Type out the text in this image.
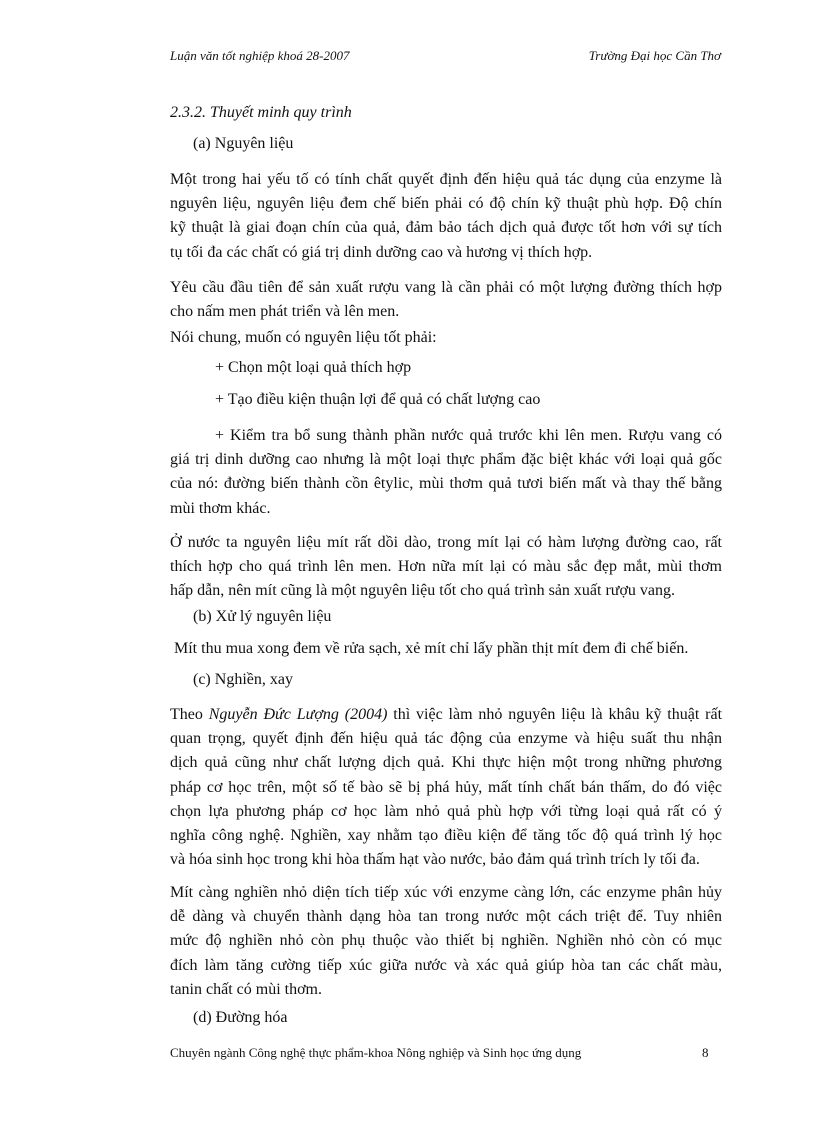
Luận văn tốt nghiệp khoá 28-2007	Trường Đại học Cần Thơ
2.3.2. Thuyết minh quy trình
(a) Nguyên liệu
Một trong hai yếu tố có tính chất quyết định đến hiệu quả tác dụng của enzyme là
nguyên liệu, nguyên liệu đem chế biến phải có độ chín kỹ thuật phù hợp. Độ chín
kỹ thuật là giai đoạn chín của quả, đảm bảo tách dịch quả được tốt hơn với sự tích
tụ tối đa các chất có giá trị dinh dưỡng cao và hương vị thích hợp.
Yêu cầu đầu tiên để sản xuất rượu vang là cần phải có một lượng đường thích hợp
cho nấm men phát triển và lên men.
Nói chung, muốn có nguyên liệu tốt phải:
+ Chọn một loại quả thích hợp
+ Tạo điều kiện thuận lợi để quả có chất lượng cao
+ Kiểm tra bổ sung thành phần nước quả trước khi lên men. Rượu vang có
giá trị dinh dưỡng cao nhưng là một loại thực phẩm đặc biệt khác với loại quả gốc
của nó: đường biến thành cồn êtylic, mùi thơm quả tươi biến mất và thay thế bằng
mùi thơm khác.
Ở nước ta nguyên liệu mít rất dồi dào, trong mít lại có hàm lượng đường cao, rất
thích hợp cho quá trình lên men. Hơn nữa mít lại có màu sắc đẹp mắt, mùi thơm
hấp dẫn, nên mít cũng là một nguyên liệu tốt cho quá trình sản xuất rượu vang.
(b) Xử lý nguyên liệu
Mít thu mua xong đem về rửa sạch, xẻ mít chỉ lấy phần thịt mít đem đi chế biến.
(c) Nghiền, xay
Theo Nguyễn Đức Lượng (2004) thì việc làm nhỏ nguyên liệu là khâu kỹ thuật rất
quan trọng, quyết định đến hiệu quả tác động của enzyme và hiệu suất thu nhận
dịch quả cũng như chất lượng dịch quả. Khi thực hiện một trong những phương
pháp cơ học trên, một số tế bào sẽ bị phá hủy, mất tính chất bán thấm, do đó việc
chọn lựa phương pháp cơ học làm nhỏ quả phù hợp với từng loại quả rất có ý
nghĩa công nghệ. Nghiền, xay nhằm tạo điều kiện để tăng tốc độ quá trình lý học
và hóa sinh học trong khi hòa thấm hạt vào nước, bảo đảm quá trình trích ly tối đa.
Mít càng nghiền nhỏ diện tích tiếp xúc với enzyme càng lớn, các enzyme phân hủy
dễ dàng và chuyển thành dạng hòa tan trong nước một cách triệt để. Tuy nhiên
mức độ nghiền nhỏ còn phụ thuộc vào thiết bị nghiền. Nghiền nhỏ còn có mục
đích làm tăng cường tiếp xúc giữa nước và xác quả giúp hòa tan các chất màu,
tanin chất có mùi thơm.
(d) Đường hóa
Chuyên ngành Công nghệ thực phẩm-khoa Nông nghiệp và Sinh học ứng dụng	8
